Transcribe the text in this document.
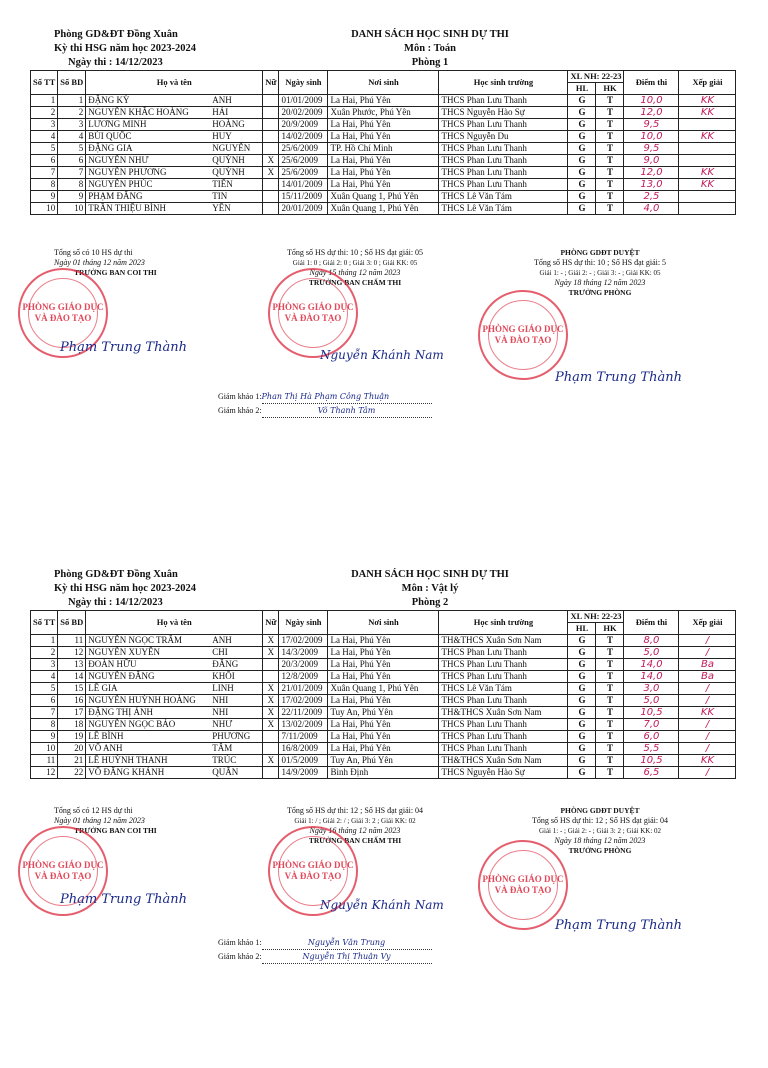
Phòng GD&ĐT Đồng Xuân
Kỳ thi HSG năm học 2023-2024
Ngày thi : 14/12/2023
DANH SÁCH HỌC SINH DỰ THI
Môn : Toán
Phòng 1
Số TT	Số BD	Họ và tên		Nữ	Ngày sinh	Nơi sinh	Học sinh trường	XL NH: 22-23		Điểm thi	Xếp giải
								HL	HK		
1	1	ĐẶNG KỲ	ANH		01/01/2009	La Hai, Phú Yên	THCS Phan Lưu Thanh	G	T	10,0	KK
2	2	NGUYỄN KHẮC HOÀNG	HẢI		20/02/2009	Xuân Phước, Phú Yên	THCS Nguyễn Hào Sự	G	T	12,0	KK
3	3	LƯƠNG MINH	HOÀNG		20/9/2009	La Hai, Phú Yên	THCS Phan Lưu Thanh	G	T	9,5	
4	4	BÙI QUỐC	HUY		14/02/2009	La Hai, Phú Yên	THCS Nguyễn Du	G	T	10,0	KK
5	5	ĐẶNG GIA	NGUYỄN		25/6/2009	TP. Hồ Chí Minh	THCS Phan Lưu Thanh	G	T	9,5	
6	6	NGUYỄN NHƯ	QUỲNH	X	25/6/2009	La Hai, Phú Yên	THCS Phan Lưu Thanh	G	T	9,0	
7	7	NGUYỄN PHƯƠNG	QUỲNH	X	25/6/2009	La Hai, Phú Yên	THCS Phan Lưu Thanh	G	T	12,0	KK
8	8	NGUYỄN PHÚC	TIẾN		14/01/2009	La Hai, Phú Yên	THCS Phan Lưu Thanh	G	T	13,0	KK
9	9	PHẠM ĐĂNG	TIN		15/11/2009	Xuân Quang 1, Phú Yên	THCS Lê Văn Tám	G	T	2,5	
10	10	TRẦN THIỆU BÌNH	YÊN		20/01/2009	Xuân Quang 1, Phú Yên	THCS Lê Văn Tám	G	T	4,0	
Tổng số có 10 HS dự thi
Ngày 01 tháng 12 năm 2023
TRƯỞNG BAN COI THI
PHÒNG GIÁO DỤC VÀ ĐÀO TẠO
Phạm Trung Thành
Tổng số HS dự thi: 10 ; Số HS đạt giải: 05
Giải 1: 0 ; Giải 2: 0 ; Giải 3: 0 ; Giải KK: 05
Ngày 15 tháng 12 năm 2023
TRƯỞNG BAN CHẤM THI
PHÒNG GIÁO DỤC VÀ ĐÀO TẠO
Nguyễn Khánh Nam
PHÒNG GDĐT DUYỆT
Tổng số HS dự thi: 10 ; Số HS đạt giải: 5
Giải 1: - ; Giải 2: - ; Giải 3: - ; Giải KK: 05
Ngày 18 tháng 12 năm 2023
TRƯỞNG PHÒNG
PHÒNG GIÁO DỤC VÀ ĐÀO TẠO
Phạm Trung Thành
Giám khảo 1:Phan Thị Hà Phạm Công Thuận
Giám khảo 2:	Võ Thanh Tâm
Phòng GD&ĐT Đồng Xuân
Kỳ thi HSG năm học 2023-2024
Ngày thi : 14/12/2023
DANH SÁCH HỌC SINH DỰ THI
Môn : Vật lý
Phòng 2
Số TT	Số BD	Họ và tên		Nữ	Ngày sinh	Nơi sinh	Học sinh trường	XL NH: 22-23		Điểm thi	Xếp giải
								HL	HK		
1	11	NGUYỄN NGỌC TRÂM	ANH	X	17/02/2009	La Hai, Phú Yên	TH&THCS Xuân Sơn Nam	G	T	8,0	/
2	12	NGUYỄN XUYÊN	CHI	X	14/3/2009	La Hai, Phú Yên	THCS Phan Lưu Thanh	G	T	5,0	/
3	13	ĐOÀN HỮU	ĐĂNG		20/3/2009	La Hai, Phú Yên	THCS Phan Lưu Thanh	G	T	14,0	Ba
4	14	NGUYỄN ĐĂNG	KHÔI		12/8/2009	La Hai, Phú Yên	THCS Phan Lưu Thanh	G	T	14,0	Ba
5	15	LÊ GIA	LINH	X	21/01/2009	Xuân Quang 1, Phú Yên	THCS Lê Văn Tám	G	T	3,0	/
6	16	NGUYỄN HUỲNH HOÀNG	NHI	X	17/02/2009	La Hai, Phú Yên	THCS Phan Lưu Thanh	G	T	5,0	/
7	17	ĐẶNG THỊ ÁNH	NHI	X	22/11/2009	Tuy An, Phú Yên	TH&THCS Xuân Sơn Nam	G	T	10,5	KK
8	18	NGUYỄN NGỌC BẢO	NHƯ	X	13/02/2009	La Hai, Phú Yên	THCS Phan Lưu Thanh	G	T	7,0	/
9	19	LÊ BÌNH	PHƯƠNG		7/11/2009	La Hai, Phú Yên	THCS Phan Lưu Thanh	G	T	6,0	/
10	20	VÕ ANH	TÂM		16/8/2009	La Hai, Phú Yên	THCS Phan Lưu Thanh	G	T	5,5	/
11	21	LÊ HUỲNH THANH	TRÚC	X	01/5/2009	Tuy An, Phú Yên	TH&THCS Xuân Sơn Nam	G	T	10,5	KK
12	22	VÕ ĐĂNG KHÁNH	QUÂN		14/9/2009	Bình Định	THCS Nguyễn Hào Sự	G	T	6,5	/
Tổng số có 12 HS dự thi
Ngày 01 tháng 12 năm 2023
TRƯỞNG BAN COI THI
PHÒNG GIÁO DỤC VÀ ĐÀO TẠO
Phạm Trung Thành
Tổng số HS dự thi: 12 ; Số HS đạt giải: 04
Giải 1: / ; Giải 2: / ; Giải 3: 2 ; Giải KK: 02
Ngày 16 tháng 12 năm 2023
TRƯỞNG BAN CHẤM THI
PHÒNG GIÁO DỤC VÀ ĐÀO TẠO
Nguyễn Khánh Nam
PHÒNG GDĐT DUYỆT
Tổng số HS dự thi: 12 ; Số HS đạt giải: 04
Giải 1: - ; Giải 2: - ; Giải 3: 2 ; Giải KK: 02
Ngày 18 tháng 12 năm 2023
TRƯỞNG PHÒNG
PHÒNG GIÁO DỤC VÀ ĐÀO TẠO
Phạm Trung Thành
Giám khảo 1:	Nguyễn Văn Trung
Giám khảo 2:	Nguyễn Thị Thuận Vy
